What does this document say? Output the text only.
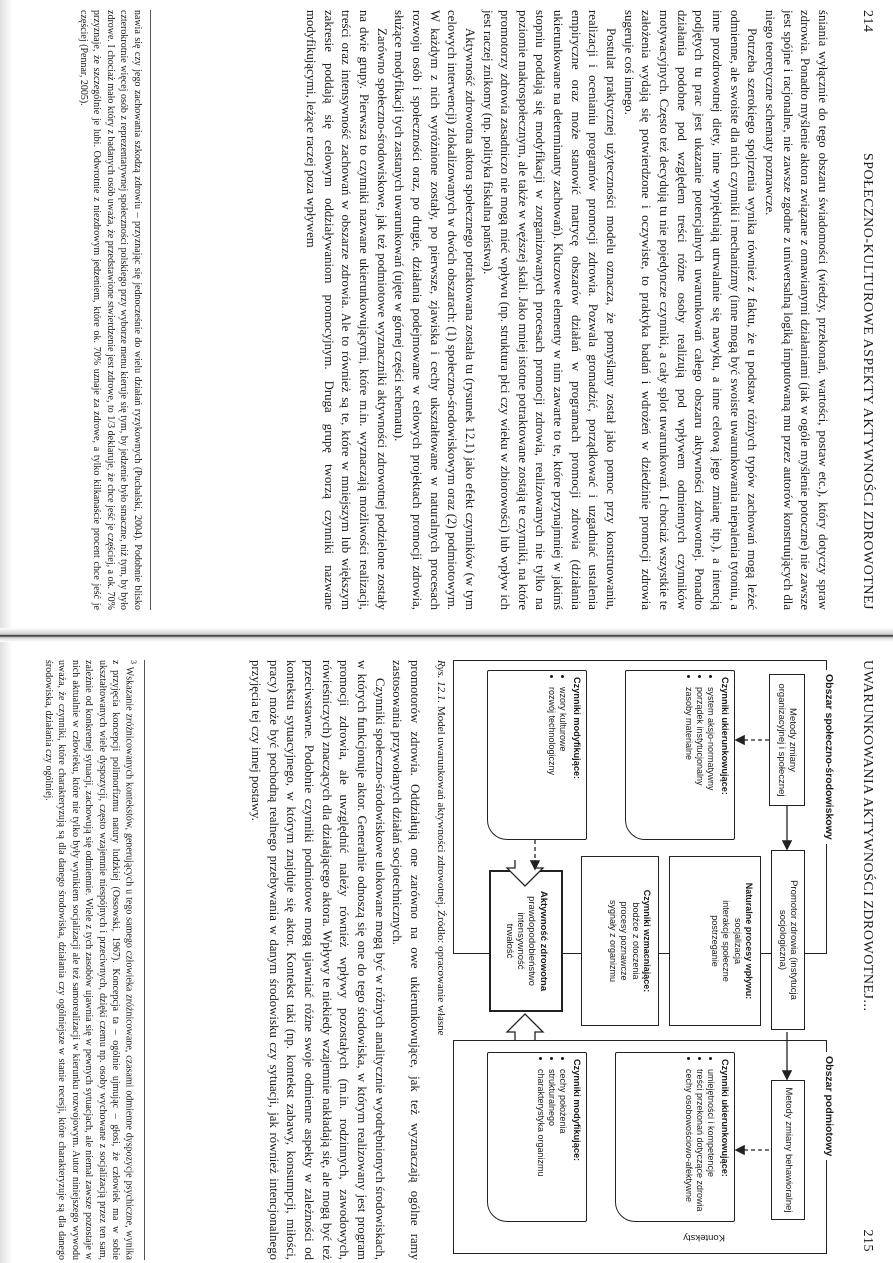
214
SPOŁECZNO-KULTUROWE ASPEKTY AKTYWNOŚCI ZDROWOTNEJ

śniania wyłącznie do tego obszaru świadomości (wiedzy, przekonań, wartości, postaw etc.), który dotyczy spraw zdrowia. Ponadto myślenie aktora związane z omawianymi działaniami (jak w ogóle myślenie potoczne) nie zawsze jest spójne i racjonalne, nie zawsze zgodne z uniwersalną logiką imputowaną mu przez autorów konstruujących dla niego teoretyczne schematy poznawcze.

Potrzeba szerokiego spojrzenia wynika również z faktu, że u podstaw różnych typów zachowań mogą leżeć odmienne, ale swoiste dla nich czynniki i mechanizmy (inne mogą być swoiste uwarunkowania niepalenia tytoniu, a inne prozdrowotnej diety, inne wypiękniają utrwalanie się nawyku, a inne celową jego zmianę itp.), a intencją podjętych tu prac jest ukazanie potencjalnych uwarunkowań całego obszaru aktywności zdrowotnej. Ponadto działania podobne pod względem treści różne osoby realizują pod wpływem odmiennych czynników motywacyjnych. Często też decydują tu nie pojedyncze czynniki, a cały splot uwarunkowań. I chociaż wszystkie te założenia wydają się potwierdzone i oczywiste, to praktyka badań i wdrożeń w dziedzinie promocji zdrowia sugeruje coś innego.

Postulat praktycznej użyteczności modelu oznacza, że pomyślany został jako pomoc przy konstruowaniu, realizacji i ocenianiu programów promocji zdrowia. Pozwala gromadzić, porządkować i uzgadniać ustalenia empiryczne oraz może stanowić matrycę obszarów działań w programach promocji zdrowia (działania ukierunkowane na determinanty zachowań). Kluczowe elementy w nim zawarte to te, które przynajmniej w jakimś stopniu poddają się modyfikacji w zorganizowanych procesach promocji zdrowia, realizowanych nie tylko na poziomie makrospołecznym, ale także w węższej skali. Jako mniej istotne potraktowane zostają te czynniki, na które promotorzy zdrowia zasadniczo nie mogą mieć wpływu (np. struktura płci czy wieku w zbiorowości) lub wpływ ich jest raczej znikomy (np. polityka fiskalna państwa).

Aktywność zdrowotna aktora społecznego potraktowana została tu (rysunek 12.1) jako efekt czynników (w tym celowych interwencji) zlokalizowanych w dwóch obszarach: (1) społeczno-środowiskowym oraz (2) podmiotowym. W każdym z nich wyróżnione zostały, po pierwsze, zjawiska i cechy ukształtowane w naturalnych procesach rozwoju osób i społeczności oraz, po drugie, działania podejmowane w celowych projektach promocji zdrowia, służące modyfikacji tych zastanych uwarunkowań (ujęte w górnej części schematu).

Zarówno społeczno-środowiskowe, jak też podmiotowe wyznaczniki aktywności zdrowotnej podzielone zostały na dwie grupy. Pierwsza to czynniki nazwane ukierunkowującymi, które m.in. wyznaczają możliwości realizacji, treści oraz intensywność zachowań w obszarze zdrowia. Ale to również są te, które w mniejszym lub większym zakresie poddają się celowym oddziaływaniom promocyjnym. Druga grupę tworzą czynniki nazwane modyfikującymi, leżące raczej poza wpływem

nawia się czy jego zachowania szkodzą zdrowiu – przyznając się jednocześnie do wielu działań ryzykownych (Puchalski, 2004). Podobnie blisko czterokrotnie więcej osób z reprezentatywnej społeczności polskiego przy wyborze menu kieruje się tym, by jedzenie było smaczne, niż tym, by było zdrowe. I chociaż mało który z badanych osób uważa, że przedstawione stwierdzenie jest zdrowe, to 1/3 deklaruje, że chce jeść je częściej, a ok. 70% przyznaje, że szczególnie je lubi. Odwrotnie z niezdrowym jedzeniem, które ok. 70% uznaje za zdrowe, a tylko kilkanaście procent chce jeść je częściej (Pennar, 2005).
UWARUNKOWANIA AKTYWNOŚCI ZDROWOTNEJ...
215
Obszar społeczno-środowiskowy
Obszar podmiotowy
Metody zmiany organizacyjnej i społecznej
Czynniki ukierunkowujące:
• system aksjo-normatywny
• porządek instytucjonalny
• zasoby materialne
Czynniki modyfikujące:
• wzory kulturowe
• rozwój technologiczny
Promotor zdrowia (instytucja socjologiczna)
Naturalne procesy wpływu:
socjalizacja
interakcje społeczne
postrzeganie
Czynniki wzmacniające:
bodźce z otoczenia
procesy poznawcze
sygnały z organizmu
Aktywność zdrowotna
prawdopodobieństwo
intensywność
trwałość
Metody zmiany behawioralnej
Konteksty
Czynniki ukierunkowujące:
• umiejętności i kompetencje
• treści przekonań dotyczące zdrowia
• cechy osobowościowo-afektywne
Czynniki modyfikujące:
• cechy położenia
• strukturalnego
• charakterystyka organizmu
Rys. 12.1. Model uwarunkowań aktywności zdrowotnej. Źródło: opracowanie własne

promotorów zdrowia. Oddziałują one zarówno na owe ukierunkowujące, jak też wyznaczają ogólne ramy zastosowania przywołanych działań socjotechnicznych.

Czynniki społeczno-środowiskowe ulokowane mogą być w różnych analitycznie wyodrębnionych środowiskach, w których funkcjonuje aktor. Generalnie odnoszą się one do tego środowiska, w którym realizowany jest program promocji zdrowia, ale uwzględnić należy również wpływy pozostałych (m.in. rodzinnych, zawodowych, rówieśniczych) znaczących dla działającego aktora. Wpływy te niekiedy wzajemnie nakładają się, ale mogą być też przeciwstawne. Podobnie czynniki podmiotowe mogą ujawniać różne swoje odmienne aspekty w zależności od kontekstu sytuacyjnego, w którym znajduje się aktor. Kontekst taki (np. kontekst zabawy, konsumpcji, miłości, pracy) może być pochodną realnego przebywania w danym środowisku czy sytuacji, jak również intencjonalnego przyjęcia tej czy innej postawy.

$^3$ Wskazanie zróżnicowanych kontekstów, generujących u tego samego człowieka zróżnicowane, czasami odmienne dyspozycje psychiczne, wynika z przyjęcia koncepcji polimorfizmu natury ludzkiej (Ossowski, 1967). Koncepcja ta – ogólnie ujmując – głosi, że człowiek ma w sobie ukształtowanych wiele dyspozycji, często wzajemnie niespójnych i przeciwnych, dzięki czemu np. osoby wychowane z socjalizacją przez ten sam, zależnie od konkretnej sytuacji, zachowują się odmiennie. Wiele z tych zasobów ujawnia się w pewnych sytuacjach, ale niemal zawsze pozostaje w nich aktualnie w człowieku, które nie tylko były wynikiem socjalizacji ale też samorealizacji w kierunku rozwojowym. Autor niniejszego wywodu uważa, że czynniki, które charakteryzują są dla danego środowiska, działania czy ogólniejsze w stanie recesji, które charakteryzuje są dla danego środowiska, działania czy ogólniej.
